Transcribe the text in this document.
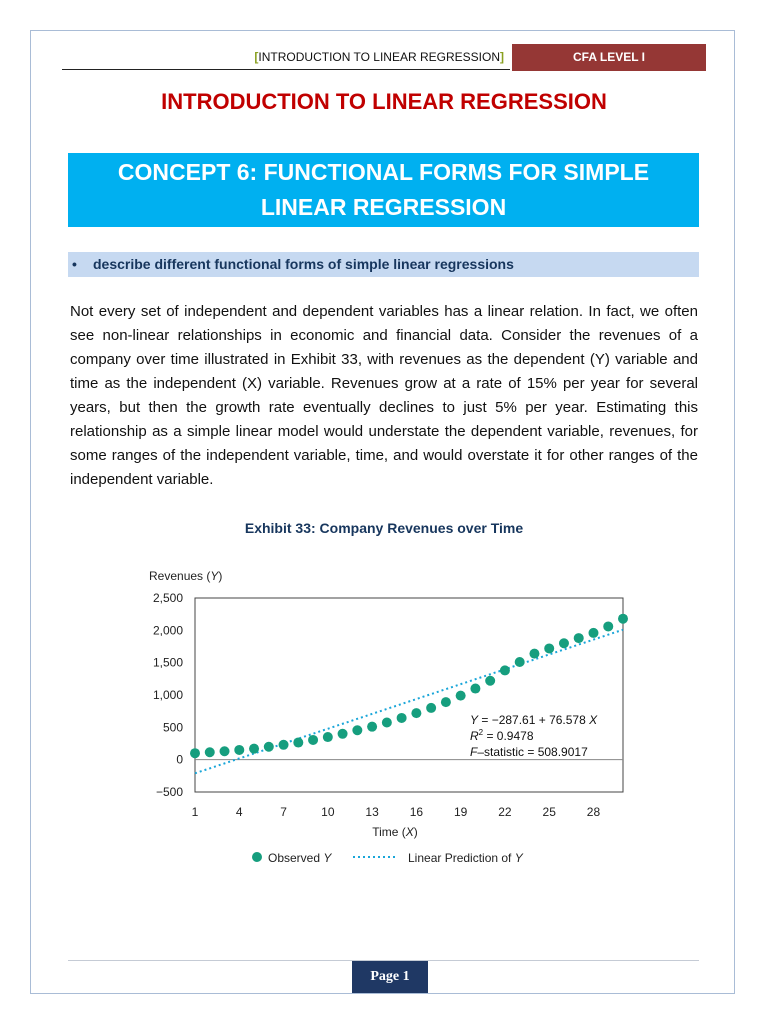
[INTRODUCTION TO LINEAR REGRESSION]	CFA LEVEL I
INTRODUCTION TO LINEAR REGRESSION
CONCEPT 6: FUNCTIONAL FORMS FOR SIMPLE
LINEAR REGRESSION
• describe different functional forms of simple linear regressions
Not every set of independent and dependent variables has a linear relation. In fact, we often see non-linear relationships in economic and financial data. Consider the revenues of a company over time illustrated in Exhibit 33, with revenues as the dependent (Y) variable and time as the independent (X) variable. Revenues grow at a rate of 15% per year for several years, but then the growth rate eventually declines to just 5% per year. Estimating this relationship as a simple linear model would understate the dependent variable, revenues, for some ranges of the independent variable, time, and would overstate it for other ranges of the independent variable.
Exhibit 33: Company Revenues over Time
Revenues (Y)
2,500
2,000
1,500
1,000
500
0
−500
1	4	7	10	13	16	19	22	25	28
Y = −287.61 + 76.578 X
$R^2 = 0.9478$
F–statistic = 508.9017
Time (X)
Observed Y	Linear Prediction of Y
Page 1
